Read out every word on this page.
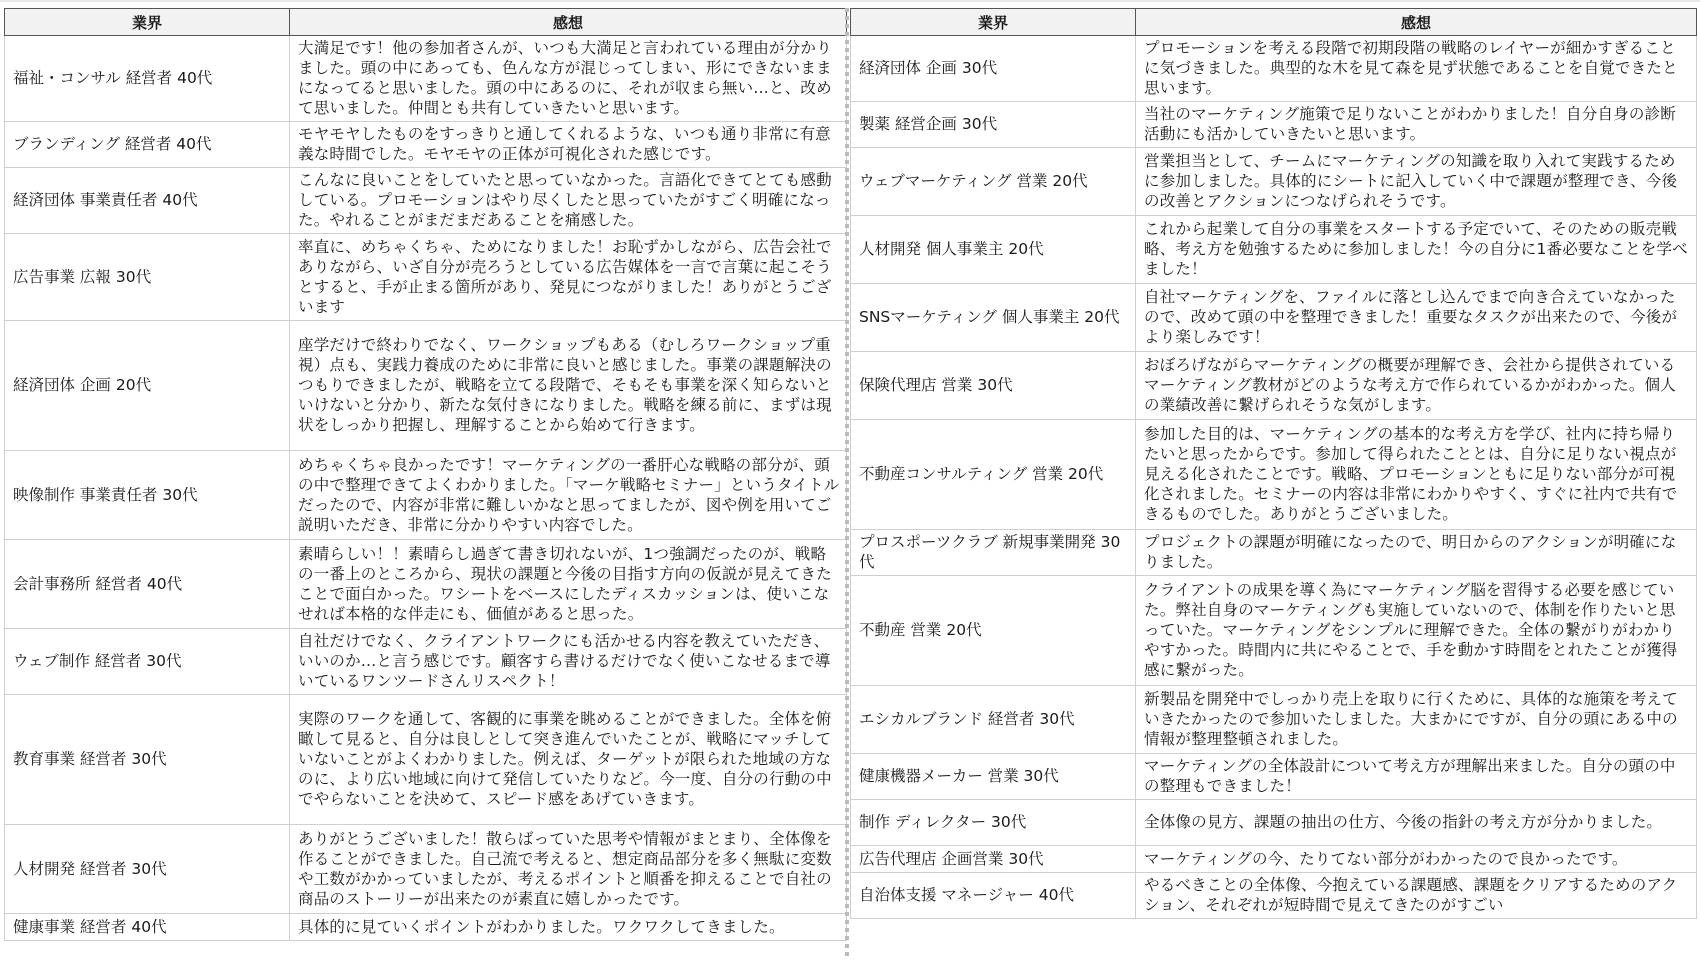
業界	感想
福祉・コンサル 経営者 40代	大満足です！他の参加者さんが、いつも大満足と言われている理由が分かりました。頭の中にあっても、色んな方が混じってしまい、形にできないままになってると思いました。頭の中にあるのに、それが収まら無い…と、改めて思いました。仲間とも共有していきたいと思います。
ブランディング 経営者 40代	モヤモヤしたものをすっきりと通してくれるような、いつも通り非常に有意義な時間でした。モヤモヤの正体が可視化された感じです。
経済団体 事業責任者 40代	こんなに良いことをしていたと思っていなかった。言語化できてとても感動している。プロモーションはやり尽くしたと思っていたがすごく明確になった。やれることがまだまだあることを痛感した。
広告事業 広報 30代	率直に、めちゃくちゃ、ためになりました！お恥ずかしながら、広告会社でありながら、いざ自分が売ろうとしている広告媒体を一言で言葉に起こそうとすると、手が止まる箇所があり、発見につながりました！ありがとうございます
経済団体 企画 20代	座学だけで終わりでなく、ワークショップもある（むしろワークショップ重視）点も、実践力養成のために非常に良いと感じました。事業の課題解決のつもりできましたが、戦略を立てる段階で、そもそも事業を深く知らないといけないと分かり、新たな気付きになりました。戦略を練る前に、まずは現状をしっかり把握し、理解することから始めて行きます。
映像制作 事業責任者 30代	めちゃくちゃ良かったです！マーケティングの一番肝心な戦略の部分が、頭の中で整理できてよくわかりました。「マーケ戦略セミナー」というタイトルだったので、内容が非常に難しいかなと思ってましたが、図や例を用いてご説明いただき、非常に分かりやすい内容でした。
会計事務所 経営者 40代	素晴らしい！！素晴らし過ぎて書き切れないが、1つ強調だったのが、戦略の一番上のところから、現状の課題と今後の目指す方向の仮説が見えてきたことで面白かった。ワシートをベースにしたディスカッションは、使いこなせれば本格的な伴走にも、価値があると思った。
ウェブ制作 経営者 30代	自社だけでなく、クライアントワークにも活かせる内容を教えていただき、いいのか…と言う感じです。顧客すら書けるだけでなく使いこなせるまで導いているワンツードさんリスペクト！
教育事業 経営者 30代	実際のワークを通して、客観的に事業を眺めることができました。全体を俯瞰して見ると、自分は良しとして突き進んでいたことが、戦略にマッチしていないことがよくわかりました。例えば、ターゲットが限られた地域の方なのに、より広い地域に向けて発信していたりなど。今一度、自分の行動の中でやらないことを決めて、スピード感をあげていきます。
人材開発 経営者 30代	ありがとうございました！散らばっていた思考や情報がまとまり、全体像を作ることができました。自己流で考えると、想定商品部分を多く無駄に変数や工数がかかっていましたが、考えるポイントと順番を抑えることで自社の商品のストーリーが出来たのが素直に嬉しかったです。
健康事業 経営者 40代	具体的に見ていくポイントがわかりました。ワクワクしてきました。
業界	感想
経済団体 企画 30代	プロモーションを考える段階で初期段階の戦略のレイヤーが細かすぎることに気づきました。典型的な木を見て森を見ず状態であることを自覚できたと思います。
製薬 経営企画 30代	当社のマーケティング施策で足りないことがわかりました！自分自身の診断活動にも活かしていきたいと思います。
ウェブマーケティング 営業 20代	営業担当として、チームにマーケティングの知識を取り入れて実践するために参加しました。具体的にシートに記入していく中で課題が整理でき、今後の改善とアクションにつなげられそうです。
人材開発 個人事業主 20代	これから起業して自分の事業をスタートする予定でいて、そのための販売戦略、考え方を勉強するために参加しました！今の自分に1番必要なことを学べました！
SNSマーケティング 個人事業主 20代	自社マーケティングを、ファイルに落とし込んでまで向き合えていなかったので、改めて頭の中を整理できました！重要なタスクが出来たので、今後がより楽しみです！
保険代理店 営業 30代	おぼろげながらマーケティングの概要が理解でき、会社から提供されているマーケティング教材がどのような考え方で作られているかがわかった。個人の業績改善に繋げられそうな気がします。
不動産コンサルティング 営業 20代	参加した目的は、マーケティングの基本的な考え方を学び、社内に持ち帰りたいと思ったからです。参加して得られたこととは、自分に足りない視点が見える化されたことです。戦略、プロモーションともに足りない部分が可視化されました。セミナーの内容は非常にわかりやすく、すぐに社内で共有できるものでした。ありがとうございました。
プロスポーツクラブ 新規事業開発 30代	プロジェクトの課題が明確になったので、明日からのアクションが明確になりました。
不動産 営業 20代	クライアントの成果を導く為にマーケティング脳を習得する必要を感じていた。弊社自身のマーケティングも実施していないので、体制を作りたいと思っていた。マーケティングをシンプルに理解できた。全体の繋がりがわかりやすかった。時間内に共にやることで、手を動かす時間をとれたことが獲得感に繋がった。
エシカルブランド 経営者 30代	新製品を開発中でしっかり売上を取りに行くために、具体的な施策を考えていきたかったので参加いたしました。大まかにですが、自分の頭にある中の情報が整理整頓されました。
健康機器メーカー 営業 30代	マーケティングの全体設計について考え方が理解出来ました。自分の頭の中の整理もできました！
制作 ディレクター 30代	全体像の見方、課題の抽出の仕方、今後の指針の考え方が分かりました。
広告代理店 企画営業 30代	マーケティングの今、たりてない部分がわかったので良かったです。
自治体支援 マネージャー 40代	やるべきことの全体像、今抱えている課題感、課題をクリアするためのアクション、それぞれが短時間で見えてきたのがすごい
